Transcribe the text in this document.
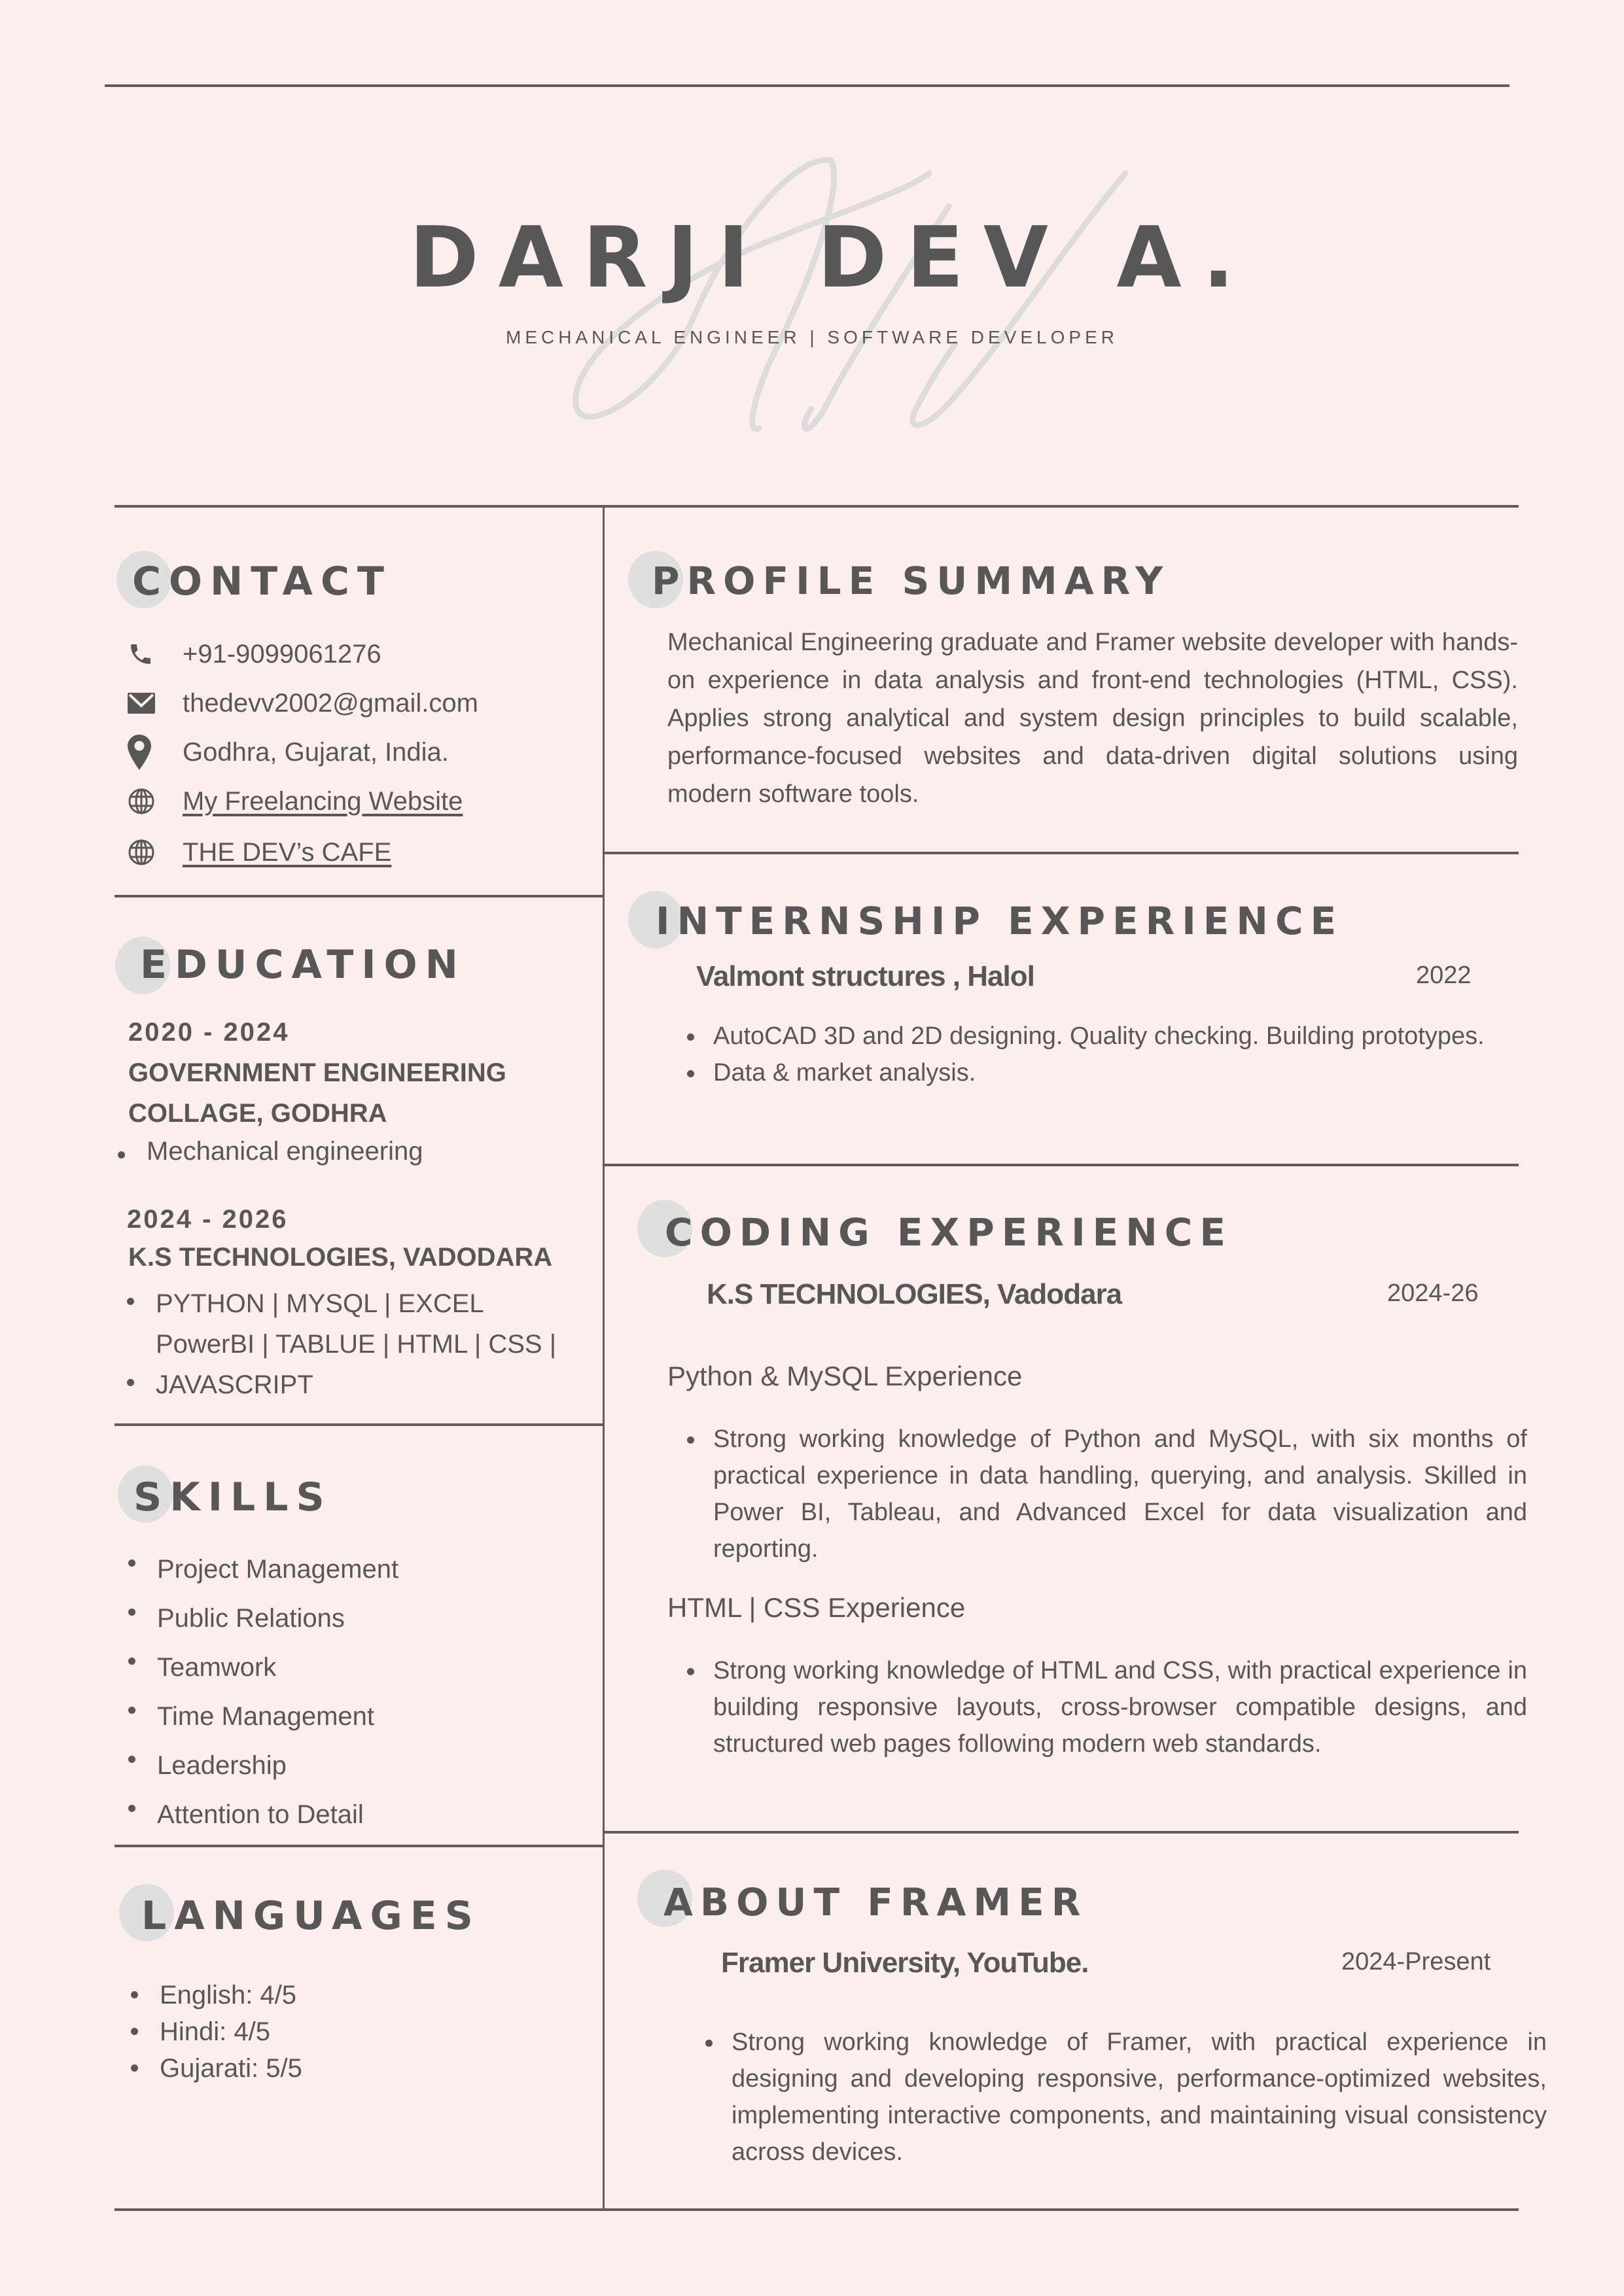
DARJI DEV A.
MECHANICAL ENGINEER | SOFTWARE DEVELOPER
CONTACT
+91-9099061276
thedevv2002@gmail.com
Godhra, Gujarat, India.
My Freelancing Website
THE DEV’s CAFE
EDUCATION
2020 - 2024
GOVERNMENT ENGINEERING
COLLAGE, GODHRA
Mechanical engineering
2024 - 2026
K.S TECHNOLOGIES, VADODARA
PYTHON | MYSQL | EXCEL
PowerBI | TABLUE | HTML | CSS |
JAVASCRIPT
SKILLS
Project Management
Public Relations
Teamwork
Time Management
Leadership
Attention to Detail
LANGUAGES
English: 4/5
Hindi: 4/5
Gujarati: 5/5
PROFILE SUMMARY
Mechanical Engineering graduate and Framer website developer with hands-on experience in data analysis and front-end technologies (HTML, CSS). Applies strong analytical and system design principles to build scalable, performance-focused websites and data-driven digital solutions using modern software tools.
INTERNSHIP EXPERIENCE
Valmont structures , Halol	2022
AutoCAD 3D and 2D designing. Quality checking. Building prototypes.
Data & market analysis.
CODING EXPERIENCE
K.S TECHNOLOGIES, Vadodara	2024-26
Python & MySQL Experience
Strong working knowledge of Python and MySQL, with six months of practical experience in data handling, querying, and analysis. Skilled in Power BI, Tableau, and Advanced Excel for data visualization and reporting.
HTML | CSS Experience
Strong working knowledge of HTML and CSS, with practical experience in building responsive layouts, cross-browser compatible designs, and structured web pages following modern web standards.
ABOUT FRAMER
Framer University, YouTube.	2024-Present
Strong working knowledge of Framer, with practical experience in designing and developing responsive, performance-optimized websites, implementing interactive components, and maintaining visual consistency across devices.
